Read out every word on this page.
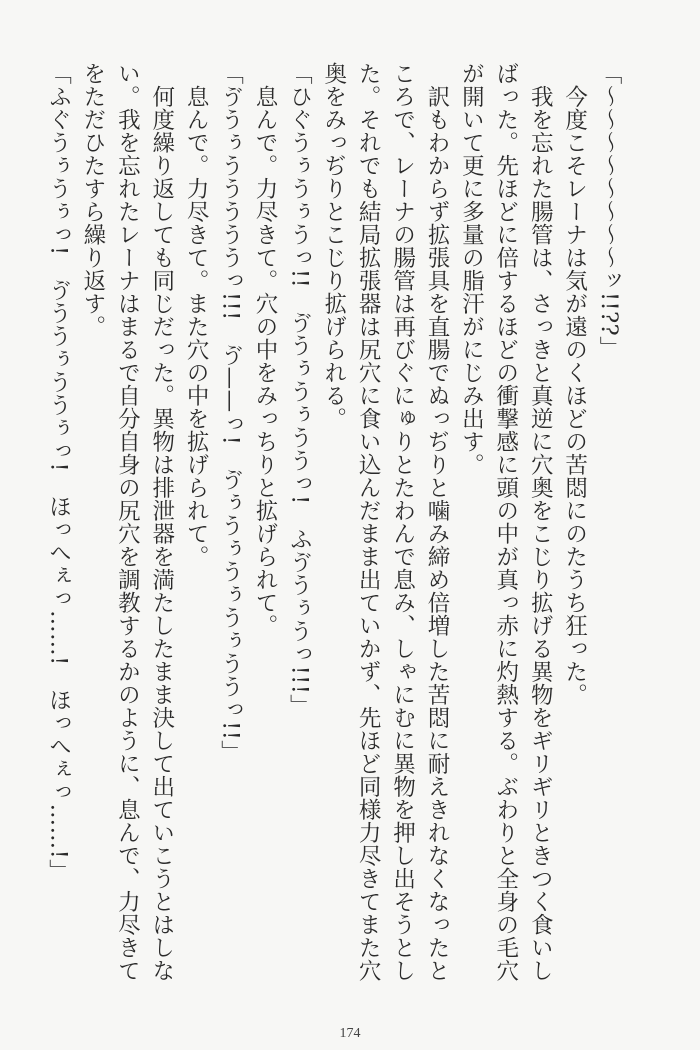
「〜〜〜〜〜〜〜〜ッ!!??」
今度こそレーナは気が遠のくほどの苦悶にのたうち狂った。
我を忘れた腸管は、さっきと真逆に穴奥をこじり拡げる異物をギリギリときつく食いし
ばった。先ほどに倍するほどの衝撃感に頭の中が真っ赤に灼熱する。ぶわりと全身の毛穴
が開いて更に多量の脂汗がにじみ出す。
訳もわからず拡張具を直腸でぬっぢりと噛み締め倍増した苦悶に耐えきれなくなったと
ころで、レーナの腸管は再びぐにゅりとたわんで息み、しゃにむに異物を押し出そうとし
た。それでも結局拡張器は尻穴に食い込んだまま出ていかず、先ほど同様力尽きてまた穴
奥をみっぢりとこじり拡げられる。
「ひぐうぅうぅうっ!!　ゔうぅうぅううっ!　ふゔうぅうっ!!!」
息んで。力尽きて。穴の中をみっちりと拡げられて。
「ゔうぅうううううっ!!!　ゔ——っ!　ゔぅうぅうぅうぅううっ!!」
息んで。力尽きて。また穴の中を拡げられて。
何度繰り返しても同じだった。異物は排泄器を満たしたまま決して出ていこうとはしな
い。我を忘れたレーナはまるで自分自身の尻穴を調教するかのように、息んで、力尽きて
をただひたすら繰り返す。
「ふぐうぅうぅっ!　ゔううぅううぅっ!　ほっへぇっ……!　ほっへぇっ……!」
174
